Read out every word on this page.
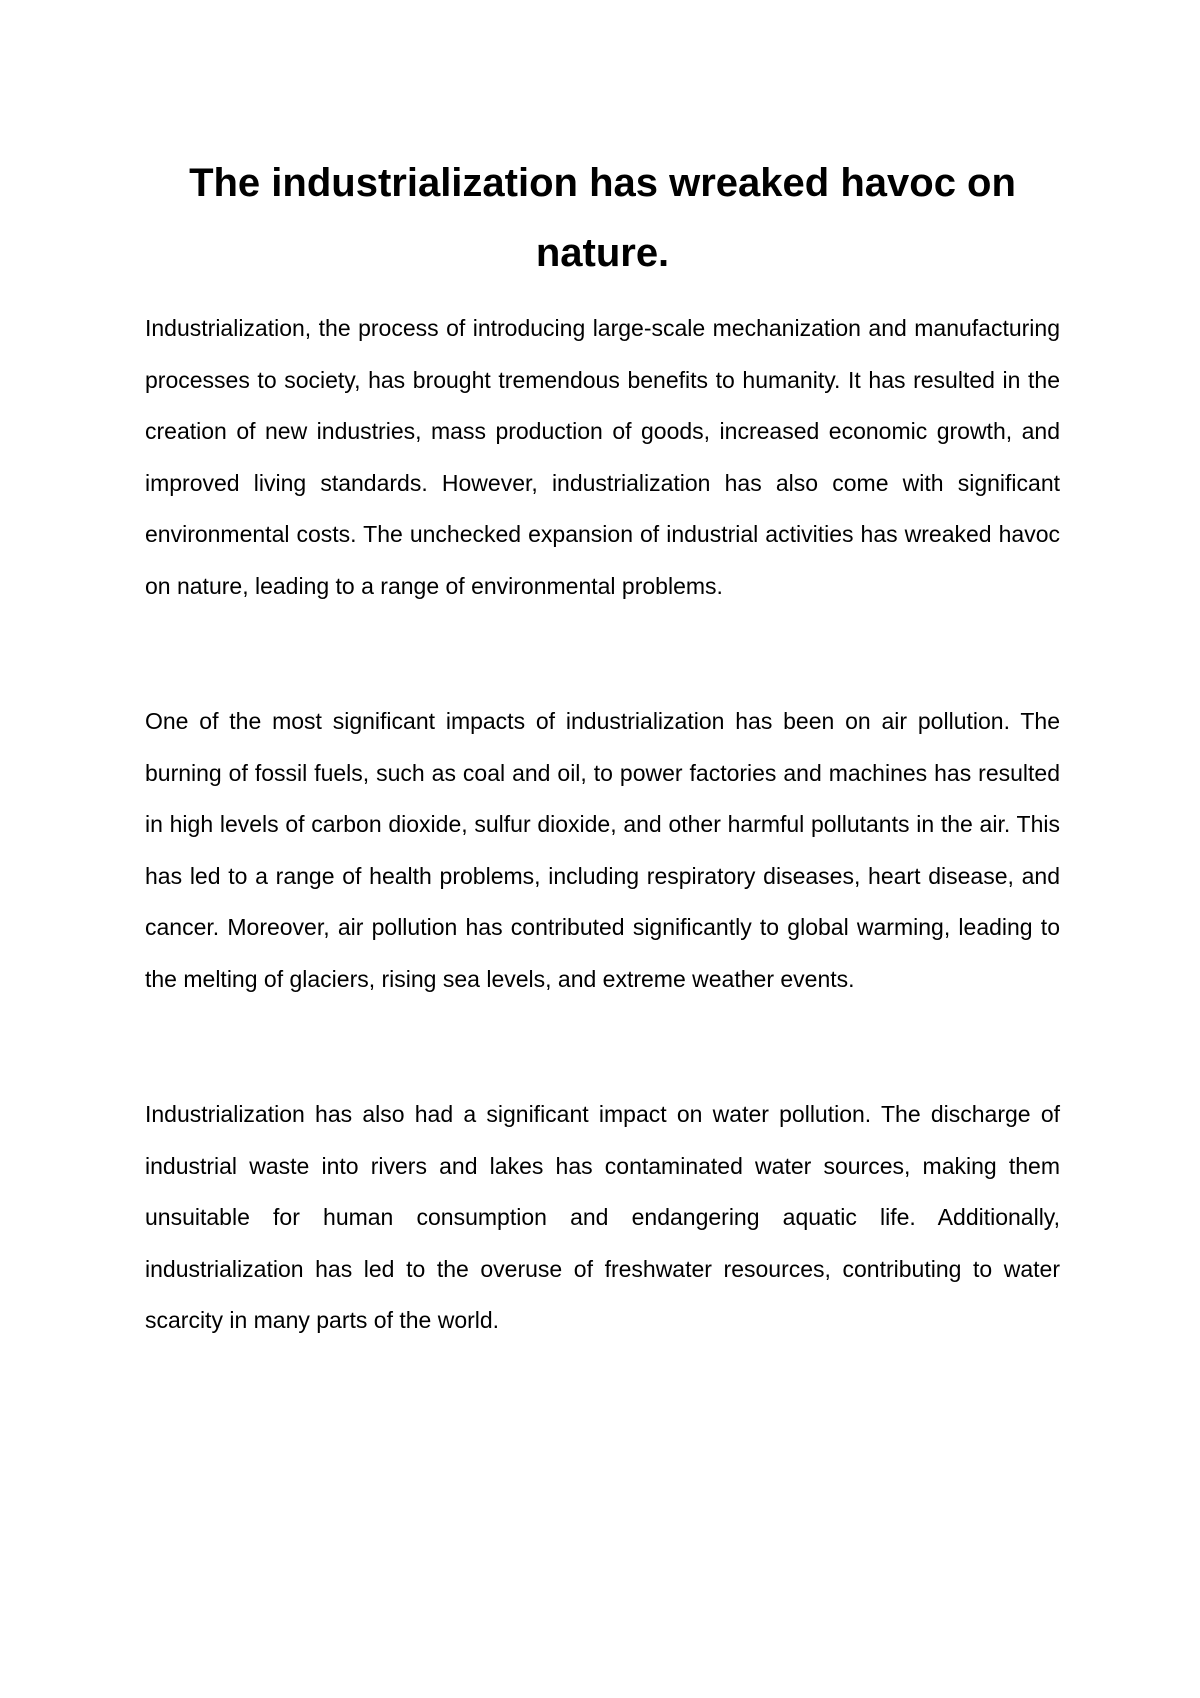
The industrialization has wreaked havoc on nature.

Industrialization, the process of introducing large-scale mechanization and manufacturing processes to society, has brought tremendous benefits to humanity. It has resulted in the creation of new industries, mass production of goods, increased economic growth, and improved living standards. However, industrialization has also come with significant environmental costs. The unchecked expansion of industrial activities has wreaked havoc on nature, leading to a range of environmental problems.

One of the most significant impacts of industrialization has been on air pollution. The burning of fossil fuels, such as coal and oil, to power factories and machines has resulted in high levels of carbon dioxide, sulfur dioxide, and other harmful pollutants in the air. This has led to a range of health problems, including respiratory diseases, heart disease, and cancer. Moreover, air pollution has contributed significantly to global warming, leading to the melting of glaciers, rising sea levels, and extreme weather events.

Industrialization has also had a significant impact on water pollution. The discharge of industrial waste into rivers and lakes has contaminated water sources, making them unsuitable for human consumption and endangering aquatic life. Additionally, industrialization has led to the overuse of freshwater resources, contributing to water scarcity in many parts of the world.
